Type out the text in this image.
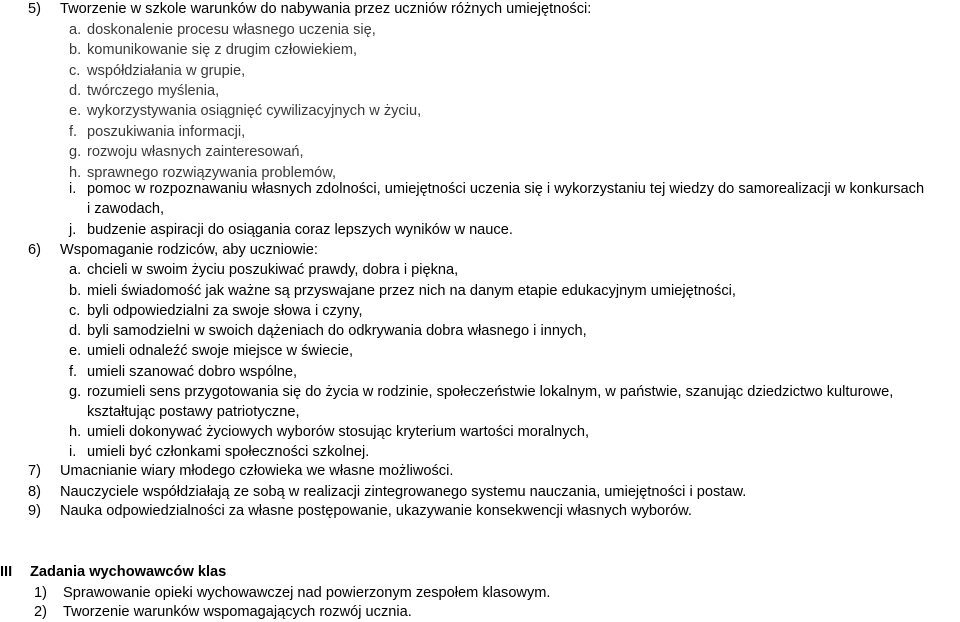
5) Tworzenie w szkole warunków do nabywania przez uczniów różnych umiejętności:
a. doskonalenie procesu własnego uczenia się,
b. komunikowanie się z drugim człowiekiem,
c. współdziałania w grupie,
d. twórczego myślenia,
e. wykorzystywania osiągnięć cywilizacyjnych w życiu,
f. poszukiwania informacji,
g. rozwoju własnych zainteresowań,
h. sprawnego rozwiązywania problemów,
i. pomoc w rozpoznawaniu własnych zdolności, umiejętności uczenia się i wykorzystaniu tej wiedzy do samorealizacji w konkursach
i zawodach,
j. budzenie aspiracji do osiągania coraz lepszych wyników w nauce.
6) Wspomaganie rodziców, aby uczniowie:
a. chcieli w swoim życiu poszukiwać prawdy, dobra i piękna,
b. mieli świadomość jak ważne są przyswajane przez nich na danym etapie edukacyjnym umiejętności,
c. byli odpowiedzialni za swoje słowa i czyny,
d. byli samodzielni w swoich dążeniach do odkrywania dobra własnego i innych,
e. umieli odnaleźć swoje miejsce w świecie,
f. umieli szanować dobro wspólne,
g. rozumieli sens przygotowania się do życia w rodzinie, społeczeństwie lokalnym, w państwie, szanując dziedzictwo kulturowe,
kształtując postawy patriotyczne,
h. umieli dokonywać życiowych wyborów stosując kryterium wartości moralnych,
i. umieli być członkami społeczności szkolnej.
7) Umacnianie wiary młodego człowieka we własne możliwości.
8) Nauczyciele współdziałają ze sobą w realizacji zintegrowanego systemu nauczania, umiejętności i postaw.
9) Nauka odpowiedzialności za własne postępowanie, ukazywanie konsekwencji własnych wyborów.
III Zadania wychowawców klas
1) Sprawowanie opieki wychowawczej nad powierzonym zespołem klasowym.
2) Tworzenie warunków wspomagających rozwój ucznia.
